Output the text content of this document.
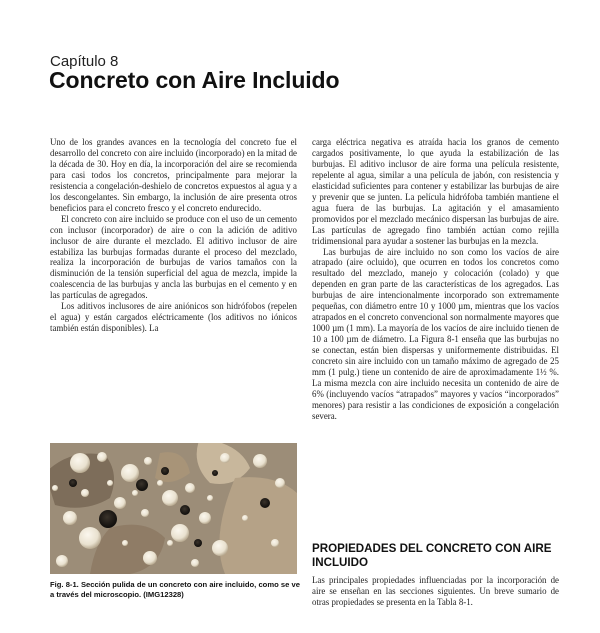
Capítulo 8
Concreto con Aire Incluido

Uno de los grandes avances en la tecnología del concreto fue el desarrollo del concreto con aire incluido (incorporado) en la mitad de la década de 30. Hoy en día, la incorporación del aire se recomienda para casi todos los concretos, principalmente para mejorar la resistencia a congelación-deshielo de concretos expuestos al agua y a los descongelantes. Sin embargo, la inclusión de aire presenta otros beneficios para el concreto fresco y el concreto endurecido.

El concreto con aire incluido se produce con el uso de un cemento con inclusor (incorporador) de aire o con la adición de aditivo inclusor de aire durante el mezclado. El aditivo inclusor de aire estabiliza las burbujas formadas durante el proceso del mezclado, realiza la incorporación de burbujas de varios tamaños con la disminución de la tensión superficial del agua de mezcla, impide la coalescencia de las burbujas y ancla las burbujas en el cemento y en las partículas de agregados.

Los aditivos inclusores de aire aniónicos son hidrófobos (repelen el agua) y están cargados eléctricamente (los aditivos no iónicos también están disponibles). La

Fig. 8-1. Sección pulida de un concreto con aire incluido, como se ve a través del microscopio. (IMG12328)

carga eléctrica negativa es atraída hacia los granos de cemento cargados positivamente, lo que ayuda la estabilización de las burbujas. El aditivo inclusor de aire forma una película resistente, repelente al agua, similar a una película de jabón, con resistencia y elasticidad suficientes para contener y estabilizar las burbujas de aire y prevenir que se junten. La película hidrófoba también mantiene el agua fuera de las burbujas. La agitación y el amasamiento promovidos por el mezclado mecánico dispersan las burbujas de aire. Las partículas de agregado fino también actúan como rejilla tridimensional para ayudar a sostener las burbujas en la mezcla.

Las burbujas de aire incluido no son como los vacíos de aire atrapado (aire ocluido), que ocurren en todos los concretos como resultado del mezclado, manejo y colocación (colado) y que dependen en gran parte de las características de los agregados. Las burbujas de aire intencionalmente incorporado son extremamente pequeñas, con diámetro entre 10 y 1000 µm, mientras que los vacíos atrapados en el concreto convencional son normalmente mayores que 1000 µm (1 mm). La mayoría de los vacíos de aire incluido tienen de 10 a 100 µm de diámetro. La Figura 8-1 enseña que las burbujas no se conectan, están bien dispersas y uniformemente distribuidas. El concreto sin aire incluido con un tamaño máximo de agregado de 25 mm (1 pulg.) tiene un contenido de aire de aproximadamente 1½ %. La misma mezcla con aire incluido necesita un contenido de aire de 6% (incluyendo vacíos “atrapados” mayores y vacíos “incorporados” menores) para resistir a las condiciones de exposición a congelación severa.

PROPIEDADES DEL CONCRETO CON AIRE INCLUIDO

Las principales propiedades influenciadas por la incorporación de aire se enseñan en las secciones siguientes. Un breve sumario de otras propiedades se presenta en la Tabla 8-1.
